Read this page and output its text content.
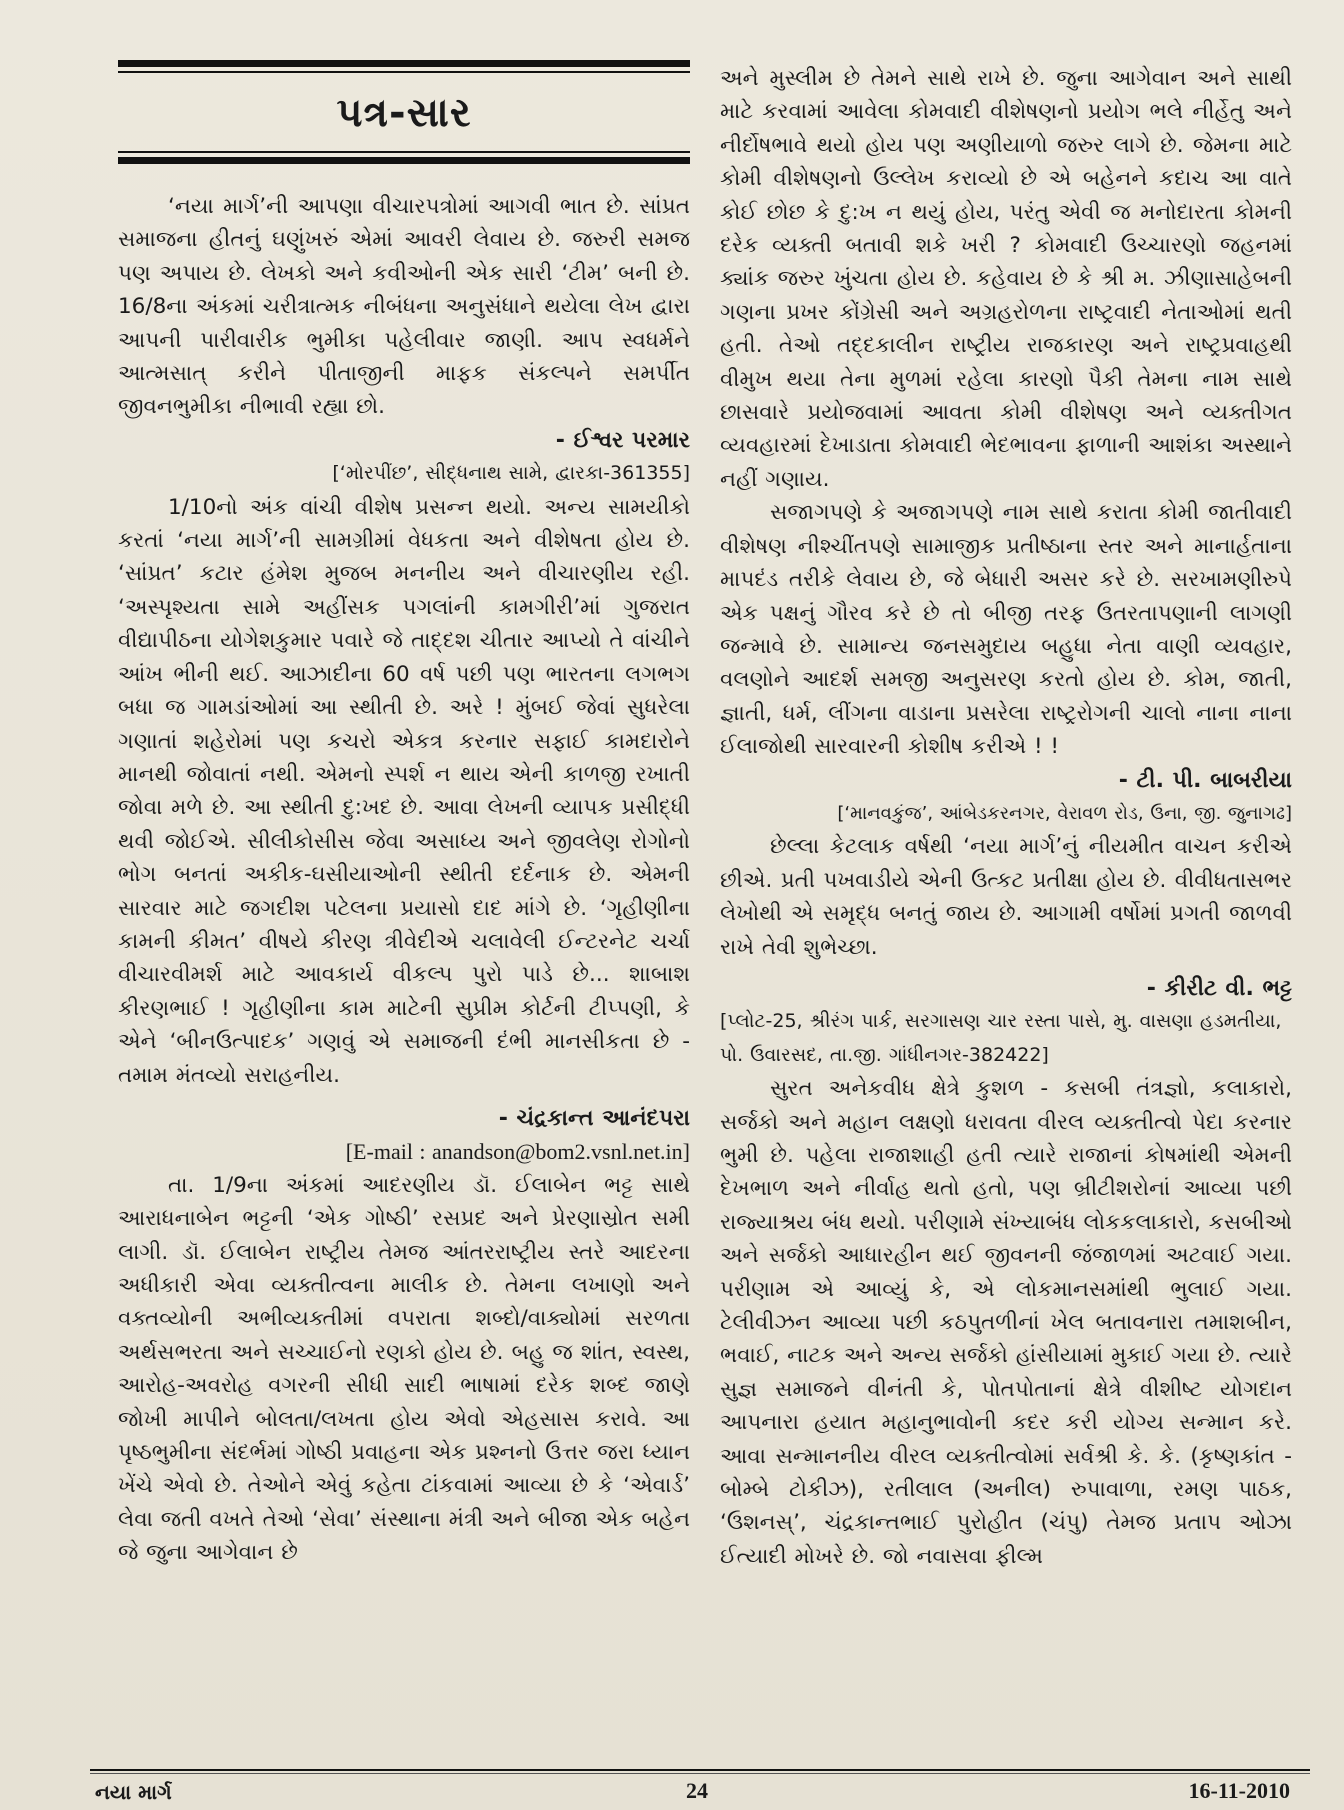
પત્ર-સાર

‘નયા માર્ગ’ની આપણા વીચારપત્રોમાં આગવી ભાત છે. સાંપ્રત સમાજના હીતનું ઘણુંખરું એમાં આવરી લેવાય છે. જરુરી સમજ પણ અપાય છે. લેખકો અને કવીઓની એક સારી ‘ટીમ’ બની છે. 16/8ના અંકમાં ચરીત્રાત્મક નીબંધના અનુસંધાને થયેલા લેખ દ્વારા આપની પારીવારીક ભુમીકા પહેલીવાર જાણી. આપ સ્વધર્મને આત્મસાત્ કરીને પીતાજીની માફક સંકલ્પને સમર્પીત જીવનભુમીકા નીભાવી રહ્યા છો.

- ઈશ્વર પરમાર

[‘મોરપીંછ’, સીદ્ધનાથ સામે, દ્વારકા-361355]

1/10નો અંક વાંચી વીશેષ પ્રસન્ન થયો. અન્ય સામયીકો કરતાં ‘નયા માર્ગ’ની સામગ્રીમાં વેધકતા અને વીશેષતા હોય છે. ‘સાંપ્રત’ કટાર હંમેશ મુજબ મનનીય અને વીચારણીય રહી. ‘અસ્પૃશ્યતા સામે અહીંસક પગલાંની કામગીરી’માં ગુજરાત વીદ્યાપીઠના યોગેશકુમાર પવારે જે તાદ્દશ ચીતાર આપ્યો તે વાંચીને આંખ ભીની થઈ. આઝાદીના 60 વર્ષ પછી પણ ભારતના લગભગ બધા જ ગામડાંઓમાં આ સ્થીતી છે. અરે ! મુંબઈ જેવાં સુધરેલા ગણાતાં શહેરોમાં પણ કચરો એકત્ર કરનાર સફાઈ કામદારોને માનથી જોવાતાં નથી. એમનો સ્પર્શ ન થાય એની કાળજી રખાતી જોવા મળે છે. આ સ્થીતી દુ:ખદ છે. આવા લેખની વ્યાપક પ્રસીદ્ધી થવી જોઈએ. સીલીકોસીસ જેવા અસાધ્ય અને જીવલેણ રોગોનો ભોગ બનતાં અકીક-ઘસીયાઓની સ્થીતી દર્દનાક છે. એમની સારવાર માટે જગદીશ પટેલના પ્રયાસો દાદ માંગે છે. ‘ગૃહીણીના કામની કીમત’ વીષયે કીરણ ત્રીવેદીએ ચલાવેલી ઈન્ટરનેટ ચર્ચા વીચારવીમર્શ માટે આવકાર્ય વીકલ્પ પુરો પાડે છે... શાબાશ કીરણભાઈ ! ગૃહીણીના કામ માટેની સુપ્રીમ કોર્ટની ટીપ્પણી, કે એને ‘બીનઉત્પાદક’ ગણવું એ સમાજની દંભી માનસીકતા છે - તમામ મંતવ્યો સરાહનીય.

- ચંદ્રકાન્ત આનંદપરા

[E-mail : anandson@bom2.vsnl.net.in]

તા. 1/9ના અંકમાં આદરણીય ડૉ. ઈલાબેન ભટ્ટ સાથે આરાધનાબેન ભટ્ટની ‘એક ગોષ્ઠી’ રસપ્રદ અને પ્રેરણાસ્રોત સમી લાગી. ડૉ. ઈલાબેન રાષ્ટ્રીય તેમજ આંતરરાષ્ટ્રીય સ્તરે આદરના અધીકારી એવા વ્યક્તીત્વના માલીક છે. તેમના લખાણો અને વક્તવ્યોની અભીવ્યક્તીમાં વપરાતા શબ્દો/વાક્યોમાં સરળતા અર્થસભરતા અને સચ્ચાઈનો રણકો હોય છે. બહુ જ શાંત, સ્વસ્થ, આરોહ-અવરોહ વગરની સીધી સાદી ભાષામાં દરેક શબ્દ જાણે જોખી માપીને બોલતા/લખતા હોય એવો એહસાસ કરાવે. આ પૃષ્ઠભુમીના સંદર્ભમાં ગોષ્ઠી પ્રવાહના એક પ્રશ્નનો ઉત્તર જરા ધ્યાન ખેંચે એવો છે. તેઓને એવું કહેતા ટાંકવામાં આવ્યા છે કે ‘એવાર્ડ’ લેવા જતી વખતે તેઓ ‘સેવા’ સંસ્થાના મંત્રી અને બીજા એક બહેન જે જુના આગેવાન છે

અને મુસ્લીમ છે તેમને સાથે રાખે છે. જુના આગેવાન અને સાથી માટે કરવામાં આવેલા કોમવાદી વીશેષણનો પ્રયોગ ભલે નીર્હેતુ અને નીર્દોષભાવે થયો હોય પણ અણીયાળો જરુર લાગે છે. જેમના માટે કોમી વીશેષણનો ઉલ્લેખ કરાવ્યો છે એ બહેનને કદાચ આ વાતે કોઈ છોછ કે દુ:ખ ન થયું હોય, પરંતુ એવી જ મનોદારતા કોમની દરેક વ્યક્તી બતાવી શકે ખરી ? કોમવાદી ઉચ્ચારણો જહનમાં ક્યાંક જરુર ખુંચતા હોય છે. કહેવાય છે કે શ્રી મ. ઝીણાસાહેબની ગણના પ્રખર કોંગ્રેસી અને અગ્રહરોળના રાષ્ટ્રવાદી નેતાઓમાં થતી હતી. તેઓ તદ્દકાલીન રાષ્ટ્રીય રાજકારણ અને રાષ્ટ્રપ્રવાહથી વીમુખ થયા તેના મુળમાં રહેલા કારણો પૈકી તેમના નામ સાથે છાસવારે પ્રયોજવામાં આવતા કોમી વીશેષણ અને વ્યક્તીગત વ્યવહારમાં દેખાડાતા કોમવાદી ભેદભાવના ફાળાની આશંકા અસ્થાને નહીં ગણાય.

સજાગપણે કે અજાગપણે નામ સાથે કરાતા કોમી જાતીવાદી વીશેષણ નીશ્ચીંતપણે સામાજીક પ્રતીષ્ઠાના સ્તર અને માનાર્હતાના માપદંડ તરીકે લેવાય છે, જે બેધારી અસર કરે છે. સરખામણીરુપે એક પક્ષનું ગૌરવ કરે છે તો બીજી તરફ ઉતરતાપણાની લાગણી જન્માવે છે. સામાન્ય જનસમુદાય બહુધા નેતા વાણી વ્યવહાર, વલણોને આદર્શ સમજી અનુસરણ કરતો હોય છે. કોમ, જાતી, જ્ઞાતી, ધર્મ, લીંગના વાડાના પ્રસરેલા રાષ્ટ્રરોગની ચાલો નાના નાના ઈલાજોથી સારવારની કોશીષ કરીએ ! !

- ટી. પી. બાબરીયા

[‘માનવકુંજ’, આંબેડકરનગર, વેરાવળ રોડ, ઉના, જી. જુનાગઢ]

છેલ્લા કેટલાક વર્ષથી ‘નયા માર્ગ’નું નીયમીત વાચન કરીએ છીએ. પ્રતી પખવાડીયે એની ઉત્કટ પ્રતીક્ષા હોય છે. વીવીધતાસભર લેખોથી એ સમૃદ્ધ બનતું જાય છે. આગામી વર્ષોમાં પ્રગતી જાળવી રાખે તેવી શુભેચ્છા.

- કીરીટ વી. ભટ્ટ

[પ્લોટ-25, શ્રીરંગ પાર્ક, સરગાસણ ચાર રસ્તા પાસે, મુ. વાસણા હડમતીયા, પો. ઉવારસદ, તા.જી. ગાંધીનગર-382422]

સુરત અનેકવીધ ક્ષેત્રે કુશળ - કસબી તંત્રજ્ઞો, કલાકારો, સર્જકો અને મહાન લક્ષણો ધરાવતા વીરલ વ્યક્તીત્વો પેદા કરનાર ભુમી છે. પહેલા રાજાશાહી હતી ત્યારે રાજાનાં કોષમાંથી એમની દેખભાળ અને નીર્વાહ થતો હતો, પણ બ્રીટીશરોનાં આવ્યા પછી રાજ્યાશ્રય બંધ થયો. પરીણામે સંખ્યાબંધ લોકકલાકારો, કસબીઓ અને સર્જકો આધારહીન થઈ જીવનની જંજાળમાં અટવાઈ ગયા. પરીણામ એ આવ્યું કે, એ લોકમાનસમાંથી ભુલાઈ ગયા. ટેલીવીઝન આવ્યા પછી કઠપુતળીનાં ખેલ બતાવનારા તમાશબીન, ભવાઈ, નાટક અને અન્ય સર્જકો હાંસીયામાં મુકાઈ ગયા છે. ત્યારે સુજ્ઞ સમાજને વીનંતી કે, પોતપોતાનાં ક્ષેત્રે વીશીષ્ટ યોગદાન આપનારા હયાત મહાનુભાવોની કદર કરી યોગ્ય સન્માન કરે. આવા સન્માનનીય વીરલ વ્યક્તીત્વોમાં સર્વશ્રી કે. કે. (કૃષ્ણકાંત - બોમ્બે ટોકીઝ), રતીલાલ (અનીલ) રુપાવાળા, રમણ પાઠક, ‘ઉશનસ્’, ચંદ્રકાન્તભાઈ પુરોહીત (ચંપુ) તેમજ પ્રતાપ ઓઝા ઈત્યાદી મોખરે છે. જો નવાસવા ફીલ્મ

નયા માર્ગ	24	16-11-2010
